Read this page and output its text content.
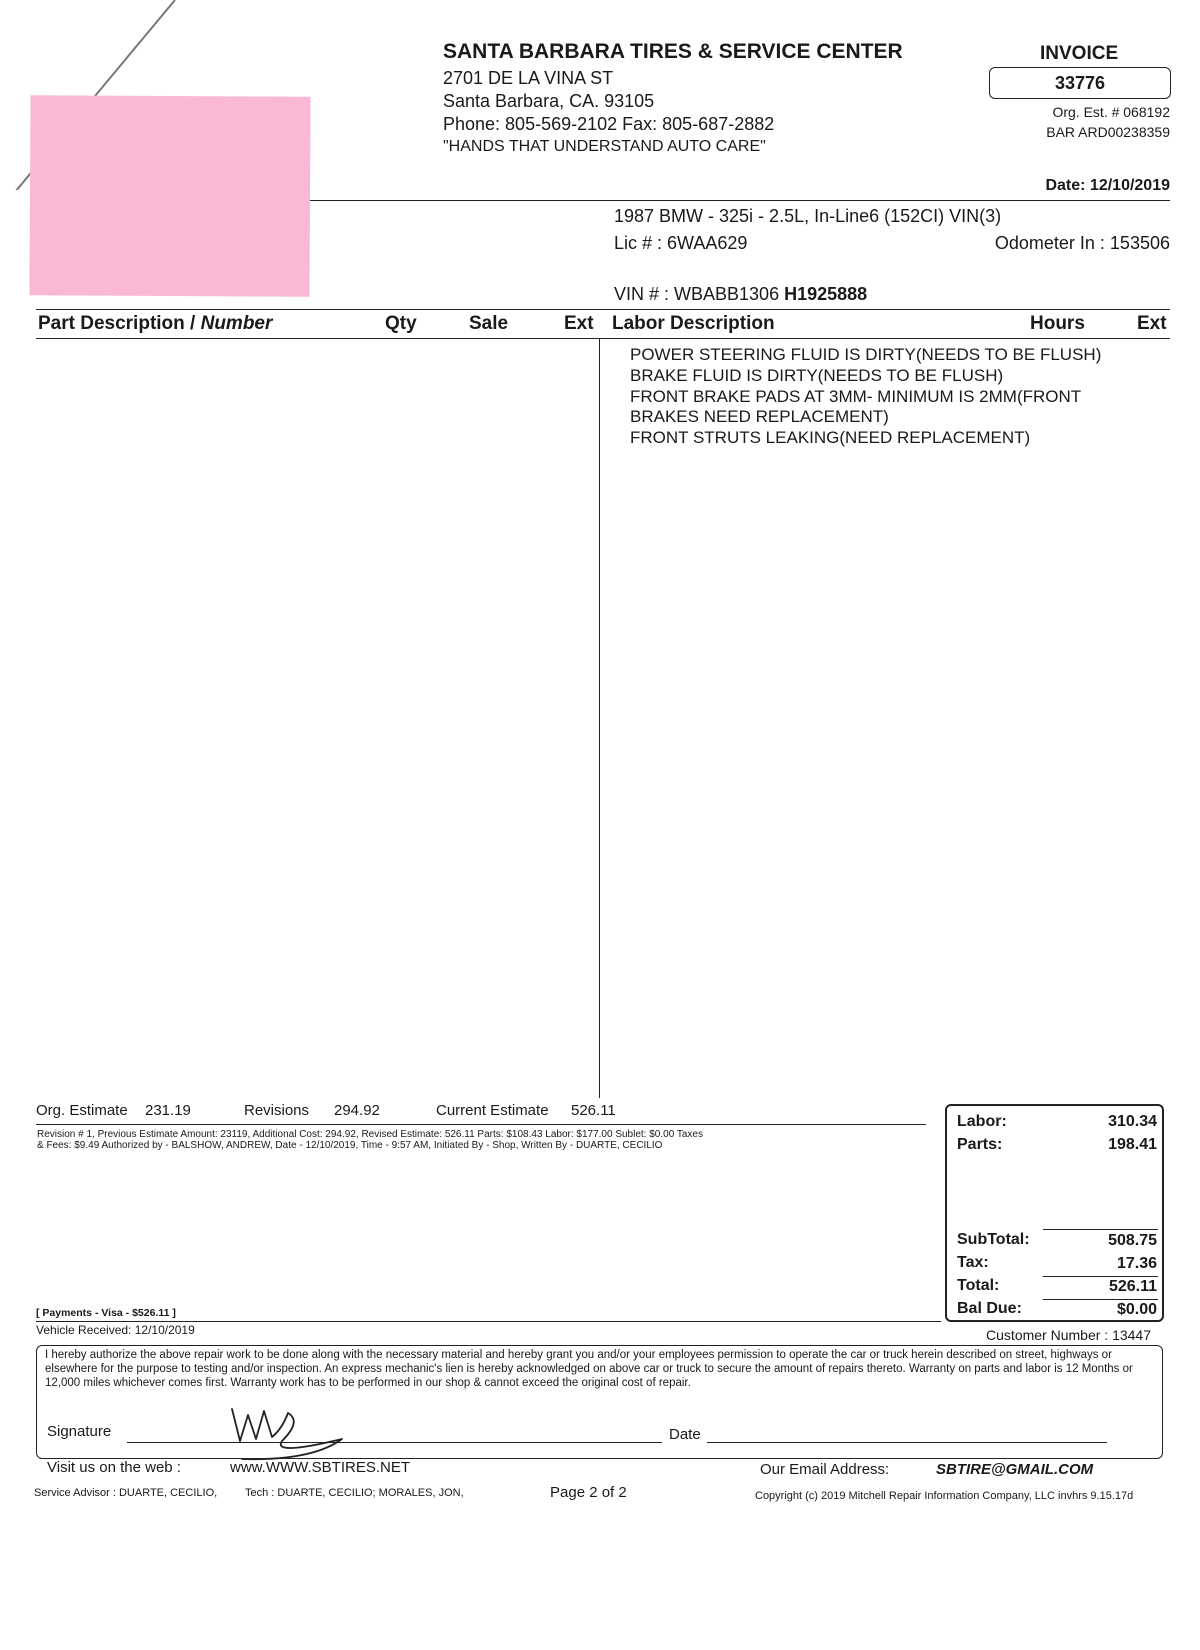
SANTA BARBARA TIRES & SERVICE CENTER
2701 DE LA VINA ST
Santa Barbara, CA. 93105
Phone: 805-569-2102 Fax: 805-687-2882
"HANDS THAT UNDERSTAND AUTO CARE"
INVOICE
33776
Org. Est. # 068192
BAR ARD00238359
Date: 12/10/2019
1987 BMW - 325i - 2.5L, In-Line6 (152CI) VIN(3)
Lic # : 6WAA629	Odometer In : 153506
VIN # : WBABB1306 H1925888
Part Description / Number	Qty	Sale	Ext Labor Description	Hours	Ext
POWER STEERING FLUID IS DIRTY(NEEDS TO BE FLUSH)
BRAKE FLUID IS DIRTY(NEEDS TO BE FLUSH)
FRONT BRAKE PADS AT 3MM- MINIMUM IS 2MM(FRONT
BRAKES NEED REPLACEMENT)
FRONT STRUTS LEAKING(NEED REPLACEMENT)
Org. Estimate 231.19	Revisions 294.92	Current Estimate 526.11
Revision # 1, Previous Estimate Amount: 23119, Additional Cost: 294.92, Revised Estimate: 526.11 Parts: $108.43 Labor: $177.00 Sublet: $0.00 Taxes
& Fees: $9.49 Authorized by - BALSHOW, ANDREW, Date - 12/10/2019, Time - 9:57 AM, Initiated By - Shop, Written By - DUARTE, CECILIO
Labor:	310.34
Parts:	198.41
SubTotal:	508.75
Tax:	17.36
Total:	526.11
Bal Due:	$0.00
[ Payments - Visa - $526.11 ]
Vehicle Received: 12/10/2019	Customer Number : 13447
I hereby authorize the above repair work to be done along with the necessary material and hereby grant you and/or your employees permission to operate the car or truck herein described on street, highways or elsewhere for the purpose to testing and/or inspection. An express mechanic's lien is hereby acknowledged on above car or truck to secure the amount of repairs thereto. Warranty on parts and labor is 12 Months or 12,000 miles whichever comes first. Warranty work has to be performed in our shop & cannot exceed the original cost of repair.
Signature	Date
Visit us on the web :	www.WWW.SBTIRES.NET	Our Email Address:	SBTIRE@GMAIL.COM
Service Advisor : DUARTE, CECILIO,	Tech : DUARTE, CECILIO; MORALES, JON,	Page 2 of 2	Copyright (c) 2019 Mitchell Repair Information Company, LLC invhrs 9.15.17d
